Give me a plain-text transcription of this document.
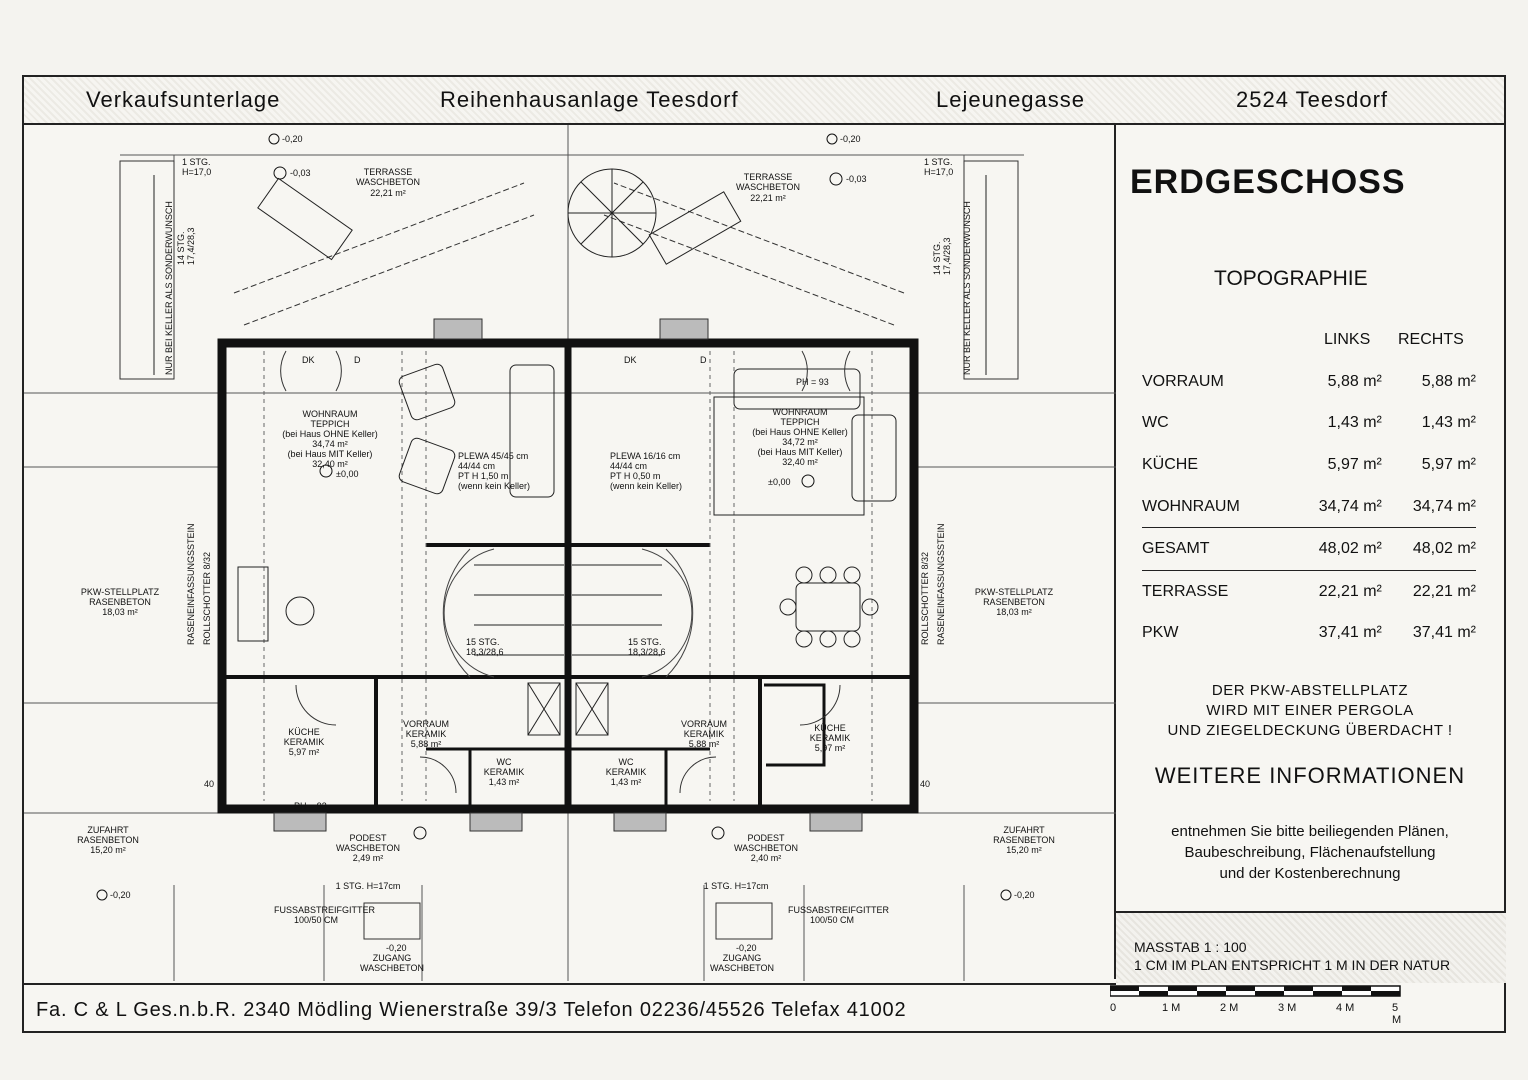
Verkaufsunterlage	Reihenhausanlage Teesdorf	Lejeunegasse	2524 Teesdorf
-0,20	-0,20
-0,03
-0,03
TERRASSE
WASCHBETON
22,21 m²
TERRASSE
WASCHBETON
22,21 m²
1 STG.
H=17,0
1 STG.
H=17,0
NUR BEI KELLER ALS SONDERWUNSCH	NUR BEI KELLER ALS SONDERWUNSCH
14 STG. 17,4/28,3	14 STG. 17,4/28,3
WOHNRAUM
TEPPICH
(bei Haus OHNE Keller)
34,74 m²
(bei Haus MIT Keller)
32,40 m²
±0,00
WOHNRAUM
TEPPICH
(bei Haus OHNE Keller)
34,72 m²
(bei Haus MIT Keller)
32,40 m²
±0,00
PLEWA 45/45 cm
44/44 cm
PT H 1,50 m
(wenn kein Keller)
PLEWA 16/16 cm
44/44 cm
PT H 0,50 m
(wenn kein Keller)
15 STG.
18,3/28,6
15 STG.
18,3/28,6
PKW-STELLPLATZ
RASENBETON
18,03 m²
PKW-STELLPLATZ
RASENBETON
18,03 m²
RASENEINFASSUNGSSTEIN ROLLSCHOTTER 8/32	RASENEINFASSUNGSSTEIN
ROLLSCHOTTER 8/32
KÜCHE
KERAMIK
5,97 m²
KÜCHE
KERAMIK
5,97 m²
VORRAUM
KERAMIK
5,88 m²
VORRAUM
KERAMIK
5,88 m²
WC
KERAMIK
1,43 m²
WC
KERAMIK
1,43 m²
PODEST
WASCHBETON
2,49 m²
PODEST
WASCHBETON
2,40 m²
ZUFAHRT
RASENBETON
15,20 m²
ZUFAHRT
RASENBETON
15,20 m²
-0,20	-0,20
1 STG. H=17cm	1 STG. H=17cm
FUSSABSTREIFGITTER
100/50 CM
FUSSABSTREIFGITTER
100/50 CM
-0,20
ZUGANG
WASCHBETON
-0,20
ZUGANG
WASCHBETON
PH = 93
PH = 93
40	40
DK	D	DK	D
ERDGESCHOSS
TOPOGRAPHIE
LINKS RECHTS
VORRAUM	5,88 m²	5,88 m²
WC	1,43 m²	1,43 m²
KÜCHE	5,97 m²	5,97 m²
WOHNRAUM	34,74 m²	34,74 m²
GESAMT	48,02 m²	48,02 m²
TERRASSE	22,21 m²	22,21 m²
PKW	37,41 m²	37,41 m²
DER PKW-ABSTELLPLATZ
WIRD MIT EINER PERGOLA
UND ZIEGELDECKUNG ÜBERDACHT !
WEITERE INFORMATIONEN
entnehmen Sie bitte beiliegenden Plänen,
Baubeschreibung, Flächenaufstellung
und der Kostenberechnung
MASSTAB 1 : 100
1 CM IM PLAN ENTSPRICHT 1 M IN DER NATUR
Fa. C & L Ges.n.b.R. 2340 Mödling Wienerstraße 39/3 Telefon 02236/45526 Telefax 41002	0	1 M	2 M	3 M	4 M	5 M
